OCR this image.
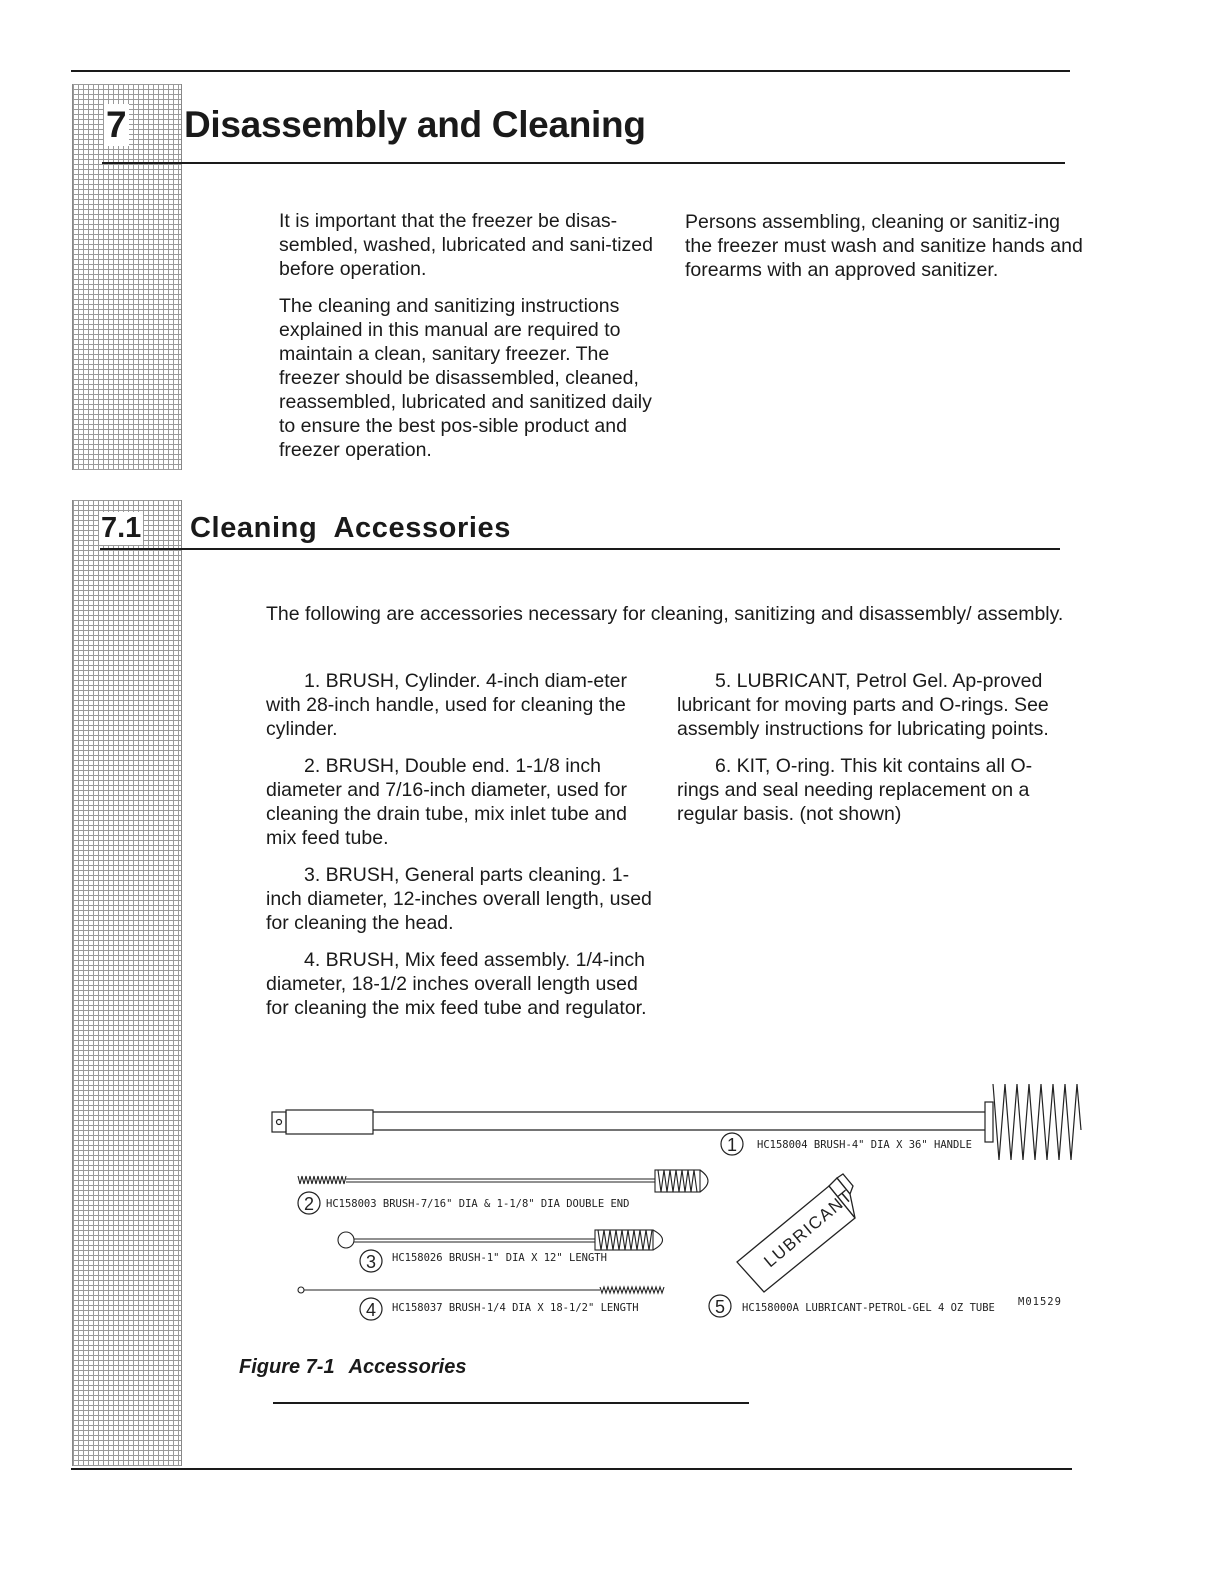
7 Disassembly and Cleaning

It is important that the freezer be disas-sembled, washed, lubricated and sani-tized before operation.

The cleaning and sanitizing instructions explained in this manual are required to maintain a clean, sanitary freezer. The freezer should be disassembled, cleaned, reassembled, lubricated and sanitized daily to ensure the best pos-sible product and freezer operation.

Persons assembling, cleaning or sanitiz-ing the freezer must wash and sanitize hands and forearms with an approved sanitizer.

7.1 Cleaning  Accessories

The following are accessories necessary for cleaning, sanitizing and disassembly/ assembly.

1. BRUSH, Cylinder. 4-inch diam-eter with 28-inch handle, used for cleaning the cylinder.

2. BRUSH, Double end. 1-1/8 inch diameter and 7/16-inch diameter, used for cleaning the drain tube, mix inlet tube and mix feed tube.

3. BRUSH, General parts cleaning. 1-inch diameter, 12-inches overall length, used for cleaning the head.

4. BRUSH, Mix feed assembly. 1/4-inch diameter, 18-1/2 inches overall length used for cleaning the mix feed tube and regulator.

5. LUBRICANT, Petrol Gel. Ap-proved lubricant for moving parts and O-rings. See assembly instructions for lubricating points.

6. KIT, O-ring. This kit contains all O-rings and seal needing replacement on a regular basis. (not shown)

LUBRICANT
1
2
3
4	5
HC158004 BRUSH-4" DIA X 36" HANDLE
HC158003 BRUSH-7/16" DIA & 1-1/8" DIA DOUBLE END
HC158026 BRUSH-1" DIA X 12" LENGTH
HC158037 BRUSH-1/4 DIA X 18-1/2" LENGTH	HC158000A LUBRICANT-PETROL-GEL 4 OZ TUBE M01529
Figure 7-1 Accessories
